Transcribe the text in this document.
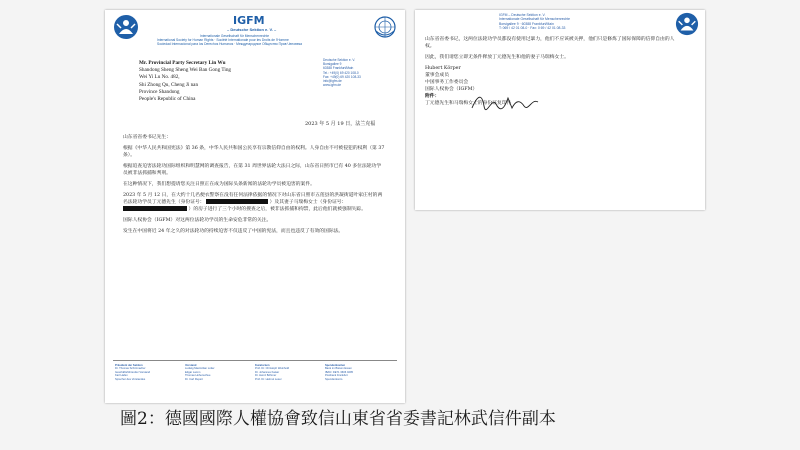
IGFM
– Deutsche Sektion e. V. –
Internationale Gesellschaft für Menschenrechte
International Society for Human Rights · Société Internationale pour les Droits de l'Homme
Sociedad Internacional para los Derechos Humanos · Международное Общество Прав Человека
Mr. Provincial Party Secretary Lin Wu
Shandong Sheng Sheng Wei Ban Gong Ting
Wei Yi Lu No. 482,
Shi Zhong Qu, Cheng Ji nan
Province Shandong
People's Republic of China
Deutsche Sektion e. V.
Borsigallee 9
60388 Frankfurt/Main
Tel.: +49(0) 69 420 108-0
Fax: +49(0) 69 420 108-33
info@igfm.de
www.igfm.de
2023 年 5 月 19 日，法兰克福

山东省省委书记先生：

根据《中华人民共和国宪法》第 36 条，中华人民共和国公民享有宗教信仰自由的权利。人身自由不可被侵犯的权利（第 37 条）。

根据追查迫害法轮功国际组织和明慧网的调查报告，在第 31 周世界法轮大法日之际，山东省日照市已有 40 多位法轮功学员被非法抓捕和判刑。

在这种情况下，我们想提请您关注日照正在成为国际头条新闻的法轮功学员被迫害的案件。

2023 年 5 月 12 日，在大约十几名便衣警察在没有任何法律依据的情况下对山东省日照市五莲县的洪凝街道叶家庄村的两名法轮功学员丁元德先生（身份证号：	）及其妻子马瑞梅女士（身份证号：  ）的房子进行了三个小时的搜查之后，被非法抓捕和拘禁，此后他们就被强制失踪。

国际人权协会（IGFM）对这两位法轮功学员的生命安危非常的关注。

发生在中国将近 24 年之久的对法轮功的持续迫害不仅违反了中国的宪法，而且也违反了有效的国际法。

Präsident der Sektion
Dr. Thomas Schirrmacher
Geschäftsführender Vorstand
Karl Hafen
Sprecher des Vorstandes
Vorstand
Ludwig Maximilian Lotter
Edgar Lamm
Thomas Hohenschue
Dr. Carl Rupert
Kuratorium
Prof. Dr. Christoph Weinhold
Dr. Johannes Kaiser
Dr. Heinz Böhmer
Prof. Dr. Helmut Leser
Spendenkonten
Bank im Bistum Essen
IBAN: DE71 3606 0295
Postbank Frankfurt
Spendenkonto
IGFM – Deutsche Sektion e. V.
Internationale Gesellschaft für Menschenrechte
Borsigallee 9 · 60388 Frankfurt/Main
T: 069 / 42 01 08-0 · Fax: 0 69 / 42 01 08-33

山东省省委书记，这两位法轮功学员都没有使用过暴力，他们不应该被关押，他们只是修炼了国际保障的信仰自由的人权。

因此，我们请您立即无条件释放丁元德先生和他的妻子马瑞梅女士。

Hubert Körper
董事会成员
中国事务工作委员会
国际人权协会（IGFM）
附件：
丁元德先生和马瑞梅女士的身份证复印件
圖2：德國國際人權協會致信山東省省委書記林武信件副本
